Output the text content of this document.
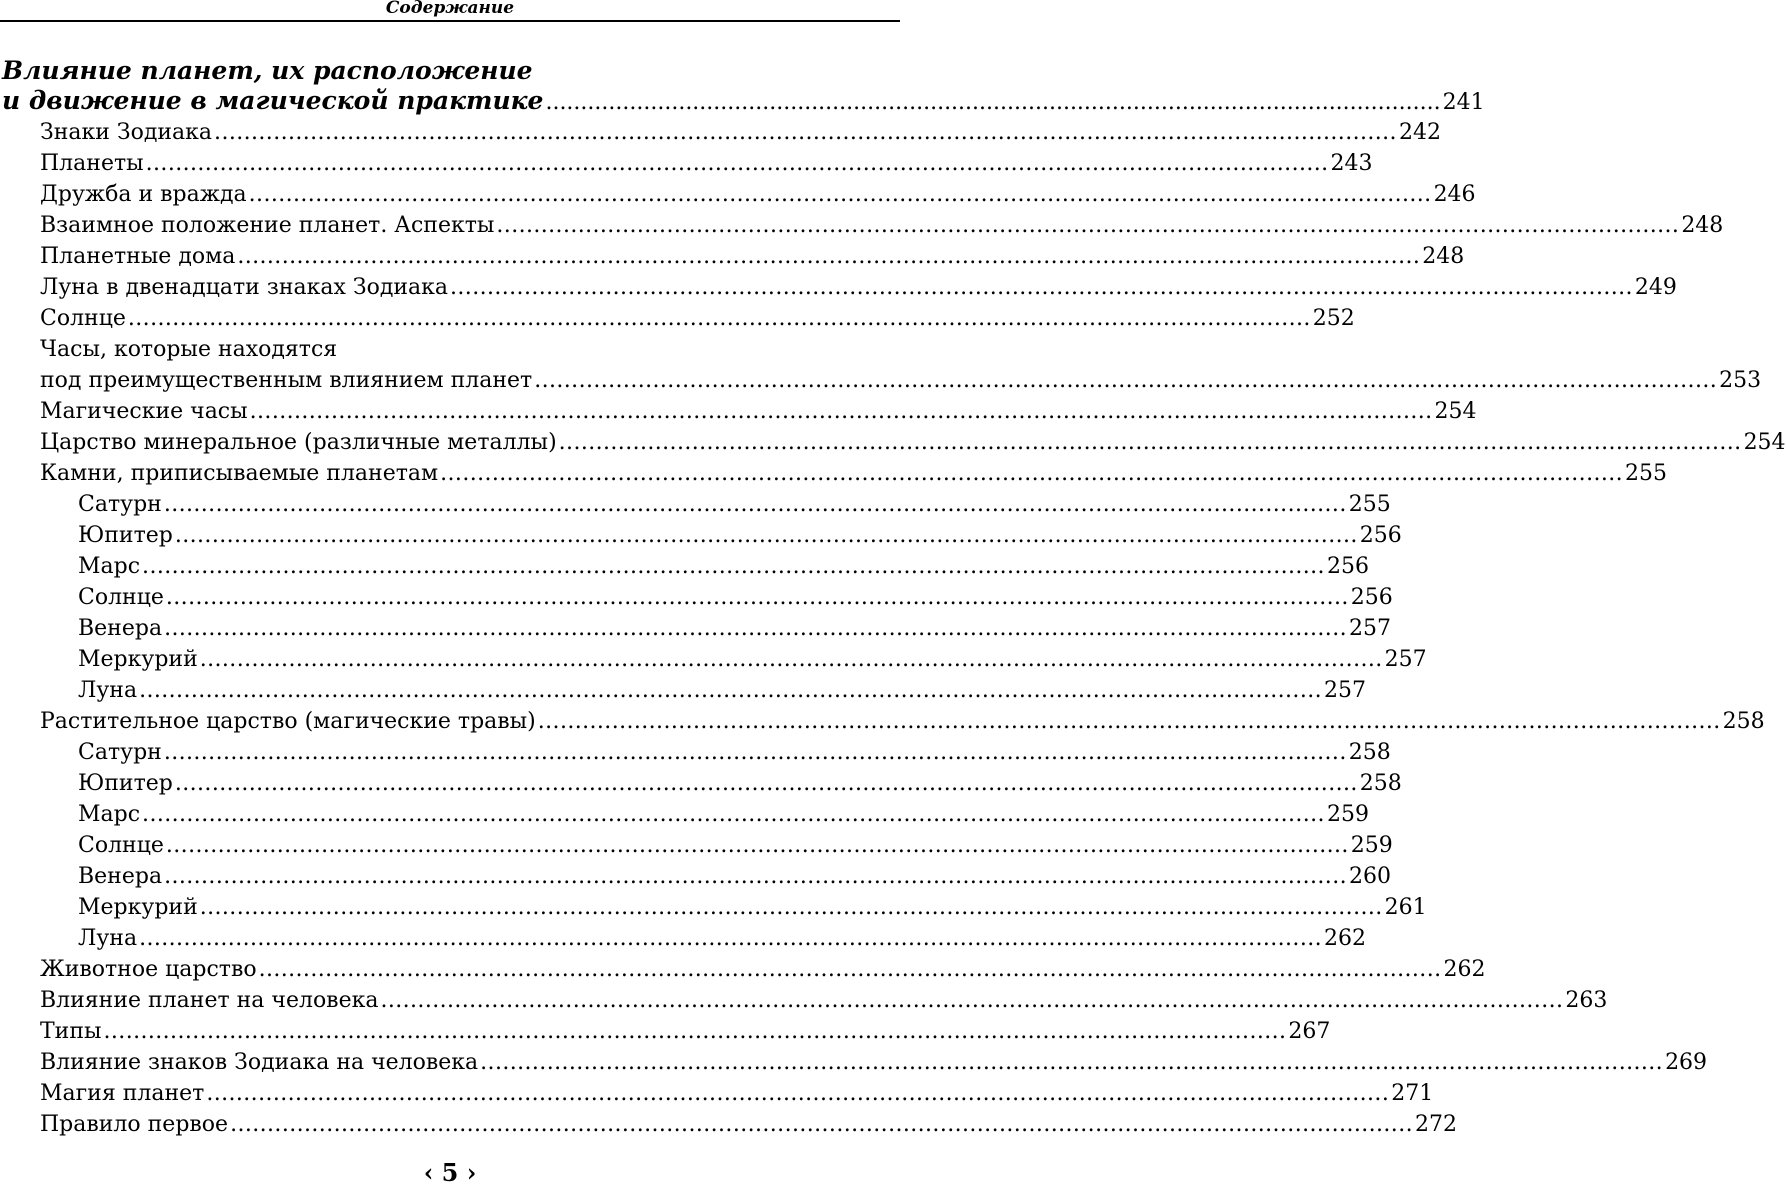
Содержание
Влияние планет, их расположение
и движение в магической практике ................................................................................................................................ 241
Знаки Зодиака ................................................................................................................................................................ 242
Планеты ................................................................................................................................................................ 243
Дружба и вражда ................................................................................................................................................................ 246
Взаимное положение планет. Аспекты ................................................................................................................................................................ 248
Планетные дома ................................................................................................................................................................ 248
Луна в двенадцати знаках Зодиака ................................................................................................................................................................ 249
Солнце ................................................................................................................................................................ 252
Часы, которые находятся
под преимущественным влиянием планет ................................................................................................................................................................ 253
Магические часы ................................................................................................................................................................ 254
Царство минеральное (различные металлы) ................................................................................................................................................................ 254
Камни, приписываемые планетам ................................................................................................................................................................ 255
Сатурн ................................................................................................................................................................ 255
Юпитер ................................................................................................................................................................ 256
Марс ................................................................................................................................................................ 256
Солнце ................................................................................................................................................................ 256
Венера ................................................................................................................................................................ 257
Меркурий ................................................................................................................................................................ 257
Луна ................................................................................................................................................................ 257
Растительное царство (магические травы) ................................................................................................................................................................ 258
Сатурн ................................................................................................................................................................ 258
Юпитер ................................................................................................................................................................ 258
Марс ................................................................................................................................................................ 259
Солнце ................................................................................................................................................................ 259
Венера ................................................................................................................................................................ 260
Меркурий ................................................................................................................................................................ 261
Луна ................................................................................................................................................................ 262
Животное царство ................................................................................................................................................................ 262
Влияние планет на человека ................................................................................................................................................................ 263
Типы ................................................................................................................................................................ 267
Влияние знаков Зодиака на человека ................................................................................................................................................................ 269
Магия планет ................................................................................................................................................................ 271
Правило первое ................................................................................................................................................................ 272
‹ 5 ›
